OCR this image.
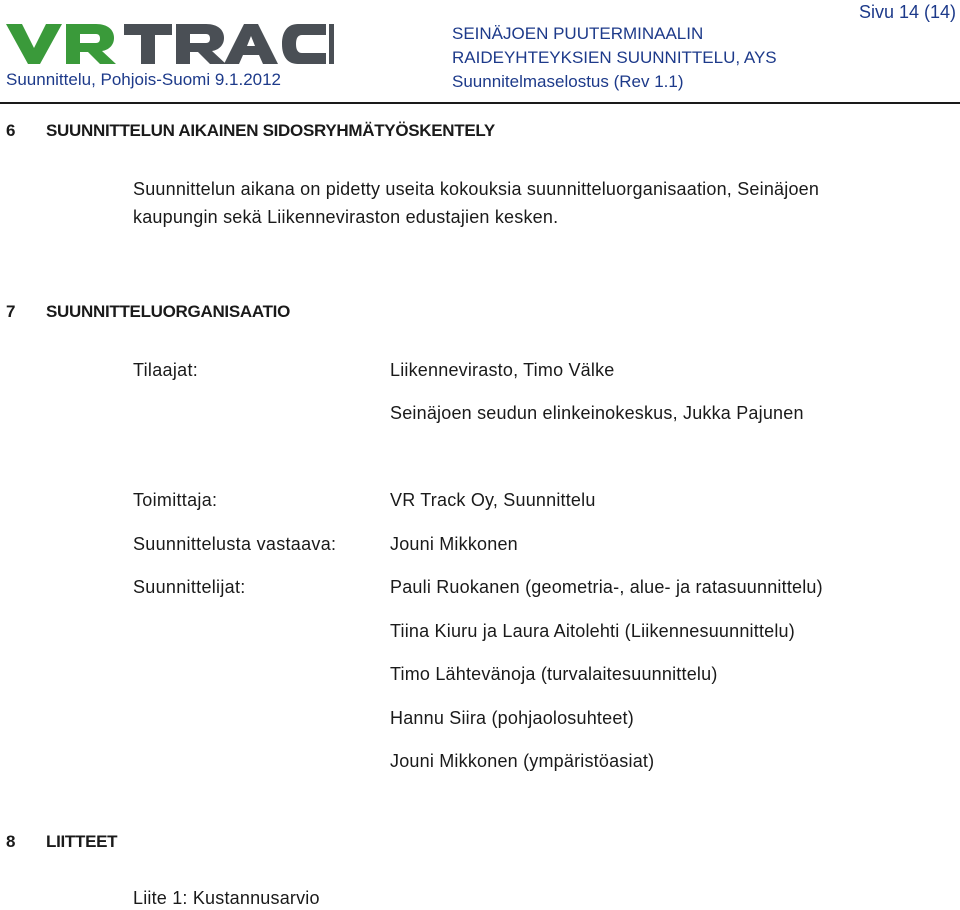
Suunnittelu, Pohjois-Suomi 9.1.2012
SEINÄJOEN PUUTERMINAALIN
RAIDEYHTEYKSIEN SUUNNITTELU, AYS
Suunnitelmaselostus (Rev 1.1)
Sivu 14 (14)
6 SUUNNITTELUN AIKAINEN SIDOSRYHMÄTYÖSKENTELY
Suunnittelun aikana on pidetty useita kokouksia suunnitteluorganisaation, Seinäjoen
kaupungin sekä Liikenneviraston edustajien kesken.
7 SUUNNITTELUORGANISAATIO
Tilaajat:	Liikennevirasto, Timo Välke
Seinäjoen seudun elinkeinokeskus, Jukka Pajunen
Toimittaja:	VR Track Oy, Suunnittelu
Suunnittelusta vastaava:	Jouni Mikkonen
Suunnittelijat:	Pauli Ruokanen (geometria-, alue- ja ratasuunnittelu)
Tiina Kiuru ja Laura Aitolehti (Liikennesuunnittelu)
Timo Lähtevänoja (turvalaitesuunnittelu)
Hannu Siira (pohjaolosuhteet)
Jouni Mikkonen (ympäristöasiat)
8 LIITTEET
Liite 1: Kustannusarvio
